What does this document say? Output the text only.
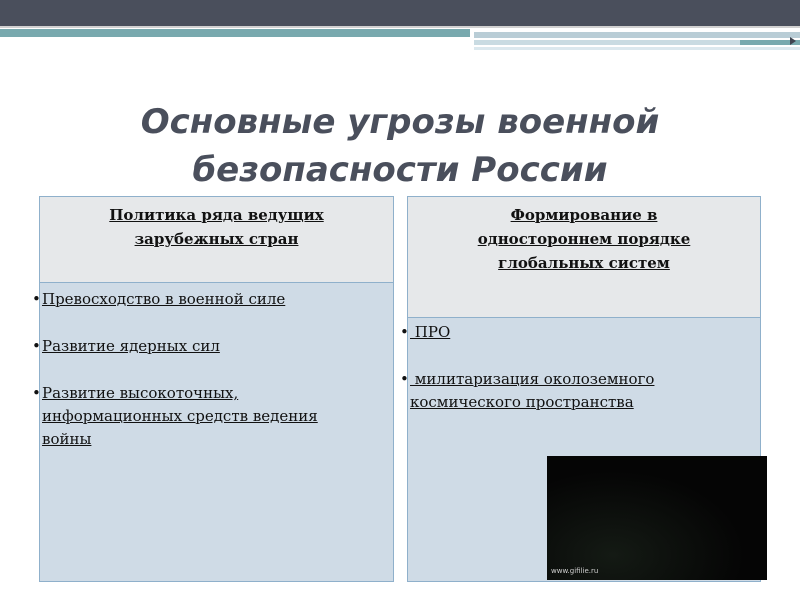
Основные угрозы военной
безопасности России
Политика ряда ведущих
зарубежных стран
• Превосходство в военной силе
• Развитие ядерных сил
• Развитие высокоточных,
информационных средств ведения
войны
Формирование в
одностороннем порядке
глобальных систем
• ПРО
• милитаризация околоземного
космического пространства
www.gifilie.ru
